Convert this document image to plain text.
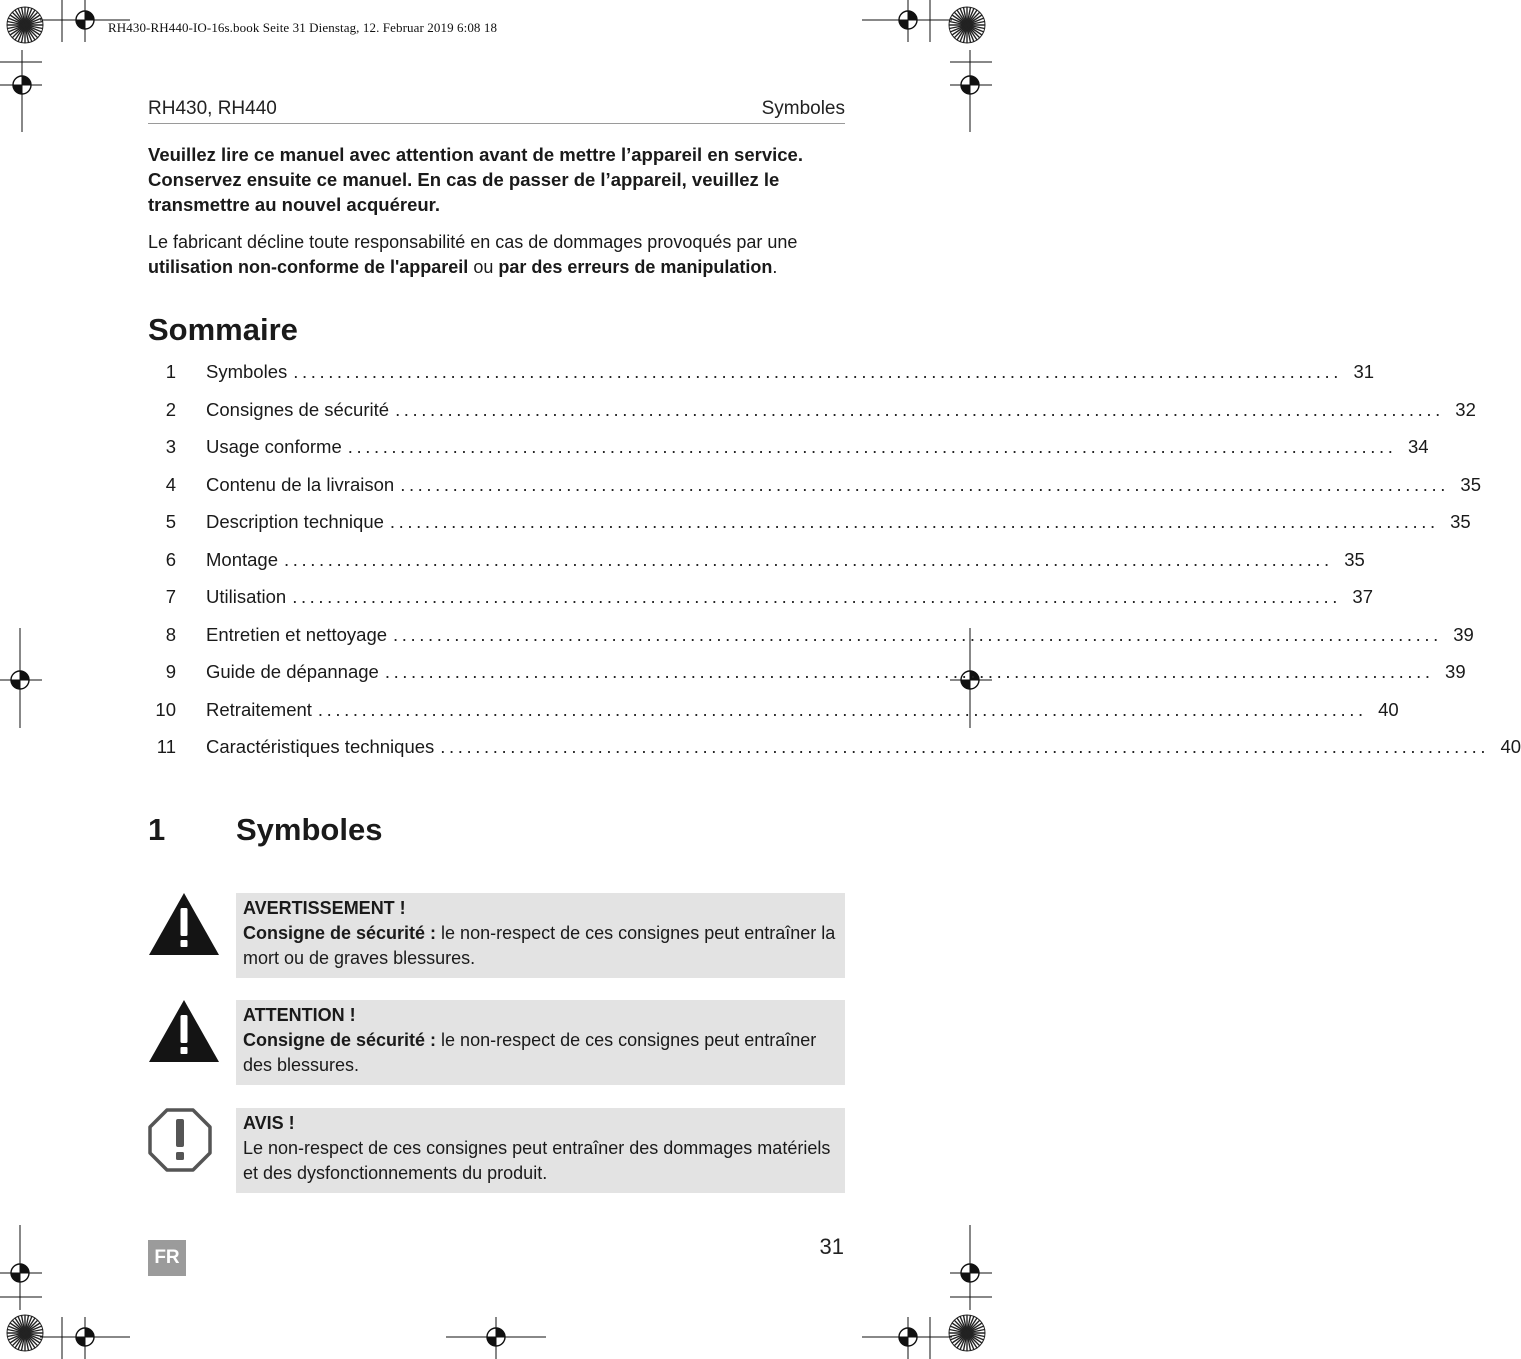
RH430-RH440-IO-16s.book Seite 31 Dienstag, 12. Februar 2019 6:08 18
RH430, RH440	Symboles

Veuillez lire ce manuel avec attention avant de mettre l’appareil en service. Conservez ensuite ce manuel. En cas de passer de l’appareil, veuillez le transmettre au nouvel acquéreur.

Le fabricant décline toute responsabilité en cas de dommages provoqués par une utilisation non-conforme de l'appareil ou par des erreurs de manipulation.

Sommaire
1 Symboles ........................................................................................................................ 31
2 Consignes de sécurité ........................................................................................................................ 32
3 Usage conforme ........................................................................................................................ 34
4 Contenu de la livraison ........................................................................................................................ 35
5 Description technique ........................................................................................................................ 35
6 Montage ........................................................................................................................ 35
7 Utilisation ........................................................................................................................ 37
8 Entretien et nettoyage ........................................................................................................................ 39
9 Guide de dépannage ........................................................................................................................ 39
10 Retraitement ........................................................................................................................ 40
11 Caractéristiques techniques ........................................................................................................................ 40
1	Symboles
AVERTISSEMENT !
Consigne de sécurité : le non-respect de ces consignes peut entraîner la mort ou de graves blessures.
ATTENTION !
Consigne de sécurité : le non-respect de ces consignes peut entraîner des blessures.
AVIS !
Le non-respect de ces consignes peut entraîner des dommages matériels et des dysfonctionnements du produit.
FR	31
